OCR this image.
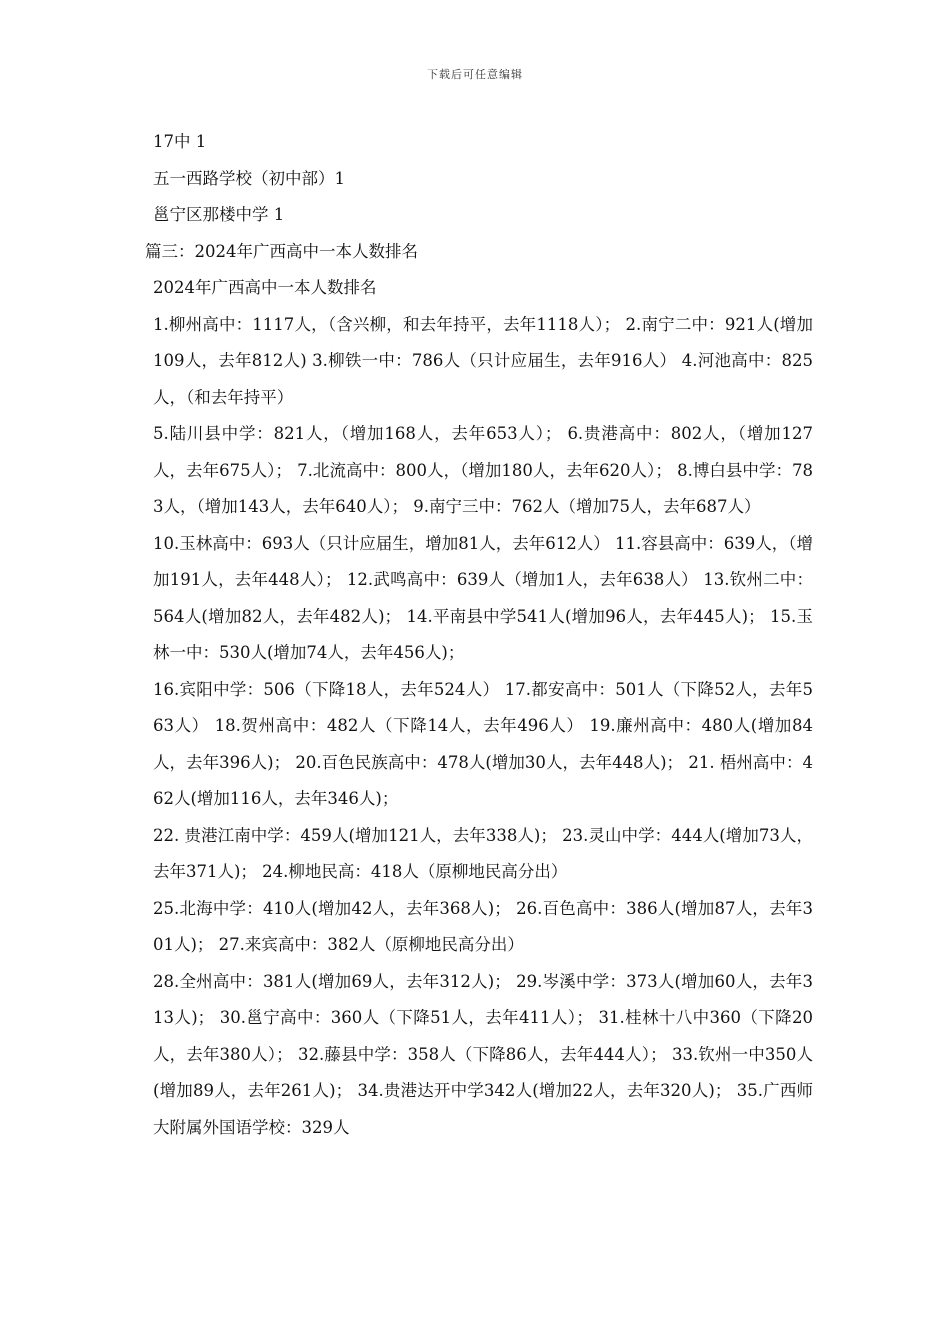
下载后可任意编辑

17中 1

五一西路学校（初中部）1

邕宁区那楼中学 1

篇三：2024年广西高中一本人数排名

2024年广西高中一本人数排名

1.柳州高中：1117人，（含兴柳，和去年持平，去年1118人）； 2.南宁二中：921人(增加109人，去年812人) 3.柳铁一中：786人（只计应届生，去年916人） 4.河池高中：825人，（和去年持平）

5.陆川县中学：821人，（增加168人，去年653人）； 6.贵港高中：802人，（增加127人，去年675人）； 7.北流高中：800人，（增加180人，去年620人）； 8.博白县中学：783人，（增加143人，去年640人）； 9.南宁三中：762人（增加75人，去年687人）

10.玉林高中：693人（只计应届生，增加81人，去年612人） 11.容县高中：639人，（增加191人，去年448人）； 12.武鸣高中：639人（增加1人，去年638人） 13.钦州二中：564人(增加82人，去年482人)； 14.平南县中学541人(增加96人，去年445人)； 15.玉林一中：530人(增加74人，去年456人)；

16.宾阳中学：506（下降18人，去年524人） 17.都安高中：501人（下降52人，去年563人） 18.贺州高中：482人（下降14人，去年496人） 19.廉州高中：480人(增加84人，去年396人)； 20.百色民族高中：478人(增加30人，去年448人)； 21. 梧州高中：462人(增加116人，去年346人)；

22. 贵港江南中学：459人(增加121人，去年338人)； 23.灵山中学：444人(增加73人，去年371人)； 24.柳地民高：418人（原柳地民高分出）

25.北海中学：410人(增加42人，去年368人)； 26.百色高中：386人(增加87人，去年301人)； 27.来宾高中：382人（原柳地民高分出）

28.全州高中：381人(增加69人，去年312人)； 29.岑溪中学：373人(增加60人，去年313人)； 30.邕宁高中：360人（下降51人，去年411人）； 31.桂林十八中360（下降20人，去年380人）； 32.藤县中学：358人（下降86人，去年444人）； 33.钦州一中350人(增加89人，去年261人)； 34.贵港达开中学342人(增加22人，去年320人)； 35.广西师大附属外国语学校：329人
